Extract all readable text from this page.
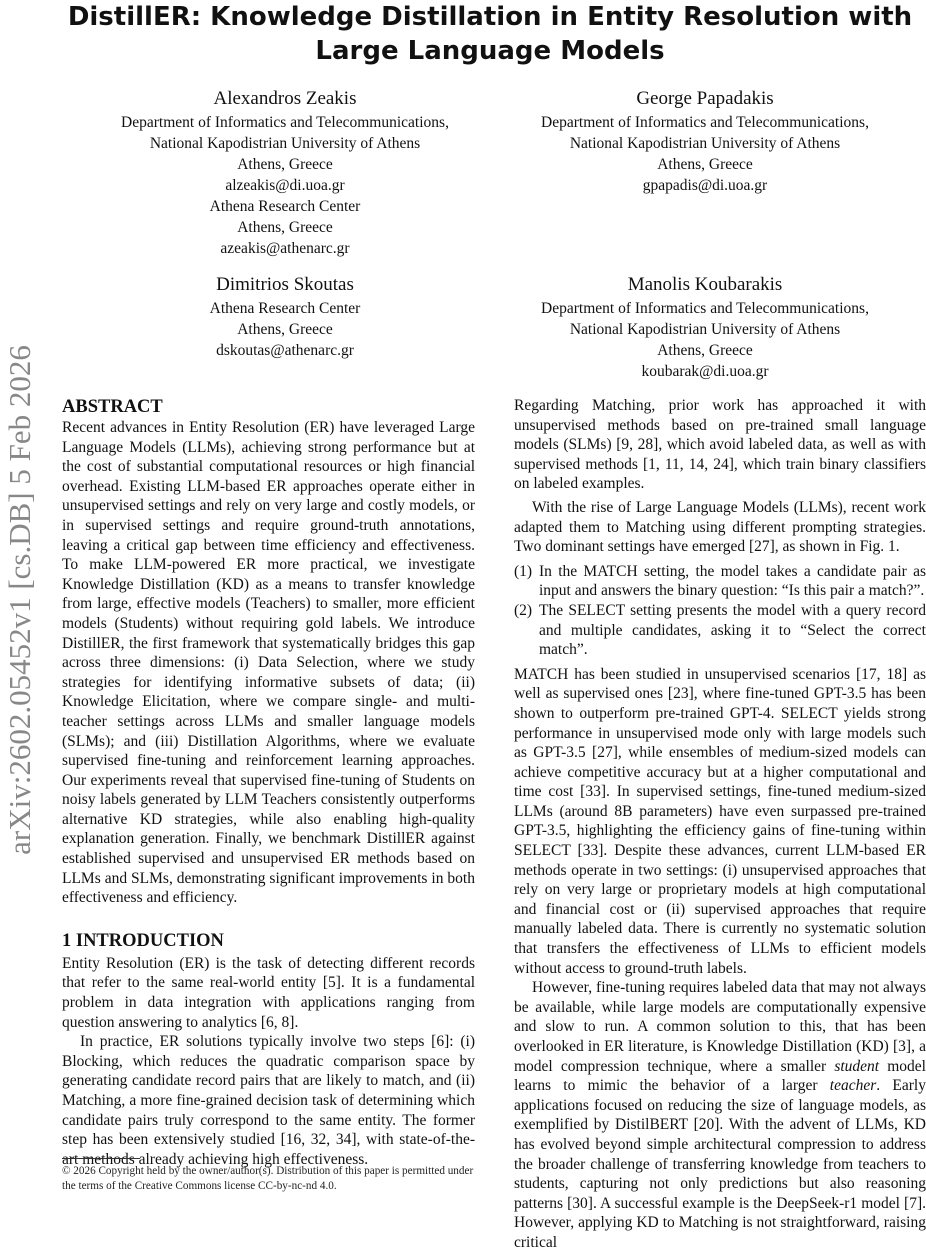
DistillER: Knowledge Distillation in Entity Resolution with Large Language Models
Alexandros Zeakis
Department of Informatics and Telecommunications,
National Kapodistrian University of Athens
Athens, Greece
alzeakis@di.uoa.gr
Athena Research Center
Athens, Greece
azeakis@athenarc.gr
George Papadakis
Department of Informatics and Telecommunications,
National Kapodistrian University of Athens
Athens, Greece
gpapadis@di.uoa.gr
Dimitrios Skoutas
Athena Research Center
Athens, Greece
dskoutas@athenarc.gr
Manolis Koubarakis
Department of Informatics and Telecommunications,
National Kapodistrian University of Athens
Athens, Greece
koubarak@di.uoa.gr
arXiv:2602.05452v1 [cs.DB] 5 Feb 2026 ABSTRACT

Recent advances in Entity Resolution (ER) have leveraged Large Language Models (LLMs), achieving strong performance but at the cost of substantial computational resources or high financial overhead. Existing LLM-based ER approaches operate either in unsupervised settings and rely on very large and costly models, or in supervised settings and require ground-truth annotations, leaving a critical gap between time efficiency and effectiveness. To make LLM-powered ER more practical, we investigate Knowledge Distillation (KD) as a means to transfer knowledge from large, effective models (Teachers) to smaller, more efficient models (Students) without requiring gold labels. We introduce DistillER, the first framework that systematically bridges this gap across three dimensions: (i) Data Selection, where we study strategies for identifying informative subsets of data; (ii) Knowledge Elicitation, where we compare single- and multi-teacher settings across LLMs and smaller language models (SLMs); and (iii) Distillation Algorithms, where we evaluate supervised fine-tuning and reinforcement learning approaches. Our experiments reveal that supervised fine-tuning of Students on noisy labels generated by LLM Teachers consistently outperforms alternative KD strategies, while also enabling high-quality explanation generation. Finally, we benchmark DistillER against established supervised and unsupervised ER methods based on LLMs and SLMs, demonstrating significant improvements in both effectiveness and efficiency.

1 INTRODUCTION

Entity Resolution (ER) is the task of detecting different records that refer to the same real-world entity [5]. It is a fundamental problem in data integration with applications ranging from question answering to analytics [6, 8].

In practice, ER solutions typically involve two steps [6]: (i) Blocking, which reduces the quadratic comparison space by generating candidate record pairs that are likely to match, and (ii) Matching, a more fine-grained decision task of determining which candidate pairs truly correspond to the same entity. The former step has been extensively studied [16, 32, 34], with state-of-the-art methods already achieving high effectiveness.

Regarding Matching, prior work has approached it with unsupervised methods based on pre-trained small language models (SLMs) [9, 28], which avoid labeled data, as well as with supervised methods [1, 11, 14, 24], which train binary classifiers on labeled examples.

With the rise of Large Language Models (LLMs), recent work adapted them to Matching using different prompting strategies. Two dominant settings have emerged [27], as shown in Fig. 1.

(1) In the MATCH setting, the model takes a candidate pair as input and answers the binary question: “Is this pair a match?”.
(2) The SELECT setting presents the model with a query record and multiple candidates, asking it to “Select the correct match”.

MATCH has been studied in unsupervised scenarios [17, 18] as well as supervised ones [23], where fine-tuned GPT-3.5 has been shown to outperform pre-trained GPT-4. SELECT yields strong performance in unsupervised mode only with large models such as GPT-3.5 [27], while ensembles of medium-sized models can achieve competitive accuracy but at a higher computational and time cost [33]. In supervised settings, fine-tuned medium-sized LLMs (around 8B parameters) have even surpassed pre-trained GPT-3.5, highlighting the efficiency gains of fine-tuning within SELECT [33]. Despite these advances, current LLM-based ER methods operate in two settings: (i) unsupervised approaches that rely on very large or proprietary models at high computational and financial cost or (ii) supervised approaches that require manually labeled data. There is currently no systematic solution that transfers the effectiveness of LLMs to efficient models without access to ground-truth labels.

However, fine-tuning requires labeled data that may not always be available, while large models are computationally expensive and slow to run. A common solution to this, that has been overlooked in ER literature, is Knowledge Distillation (KD) [3], a model compression technique, where a smaller student model learns to mimic the behavior of a larger teacher. Early applications focused on reducing the size of language models, as exemplified by DistilBERT [20]. With the advent of LLMs, KD has evolved beyond simple architectural compression to address the broader challenge of transferring knowledge from teachers to students, capturing not only predictions but also reasoning patterns [30]. A successful example is the DeepSeek-r1 model [7]. However, applying KD to Matching is not straightforward, raising critical

© 2026 Copyright held by the owner/author(s). Distribution of this paper is permitted under the terms of the Creative Commons license CC-by-nc-nd 4.0.
